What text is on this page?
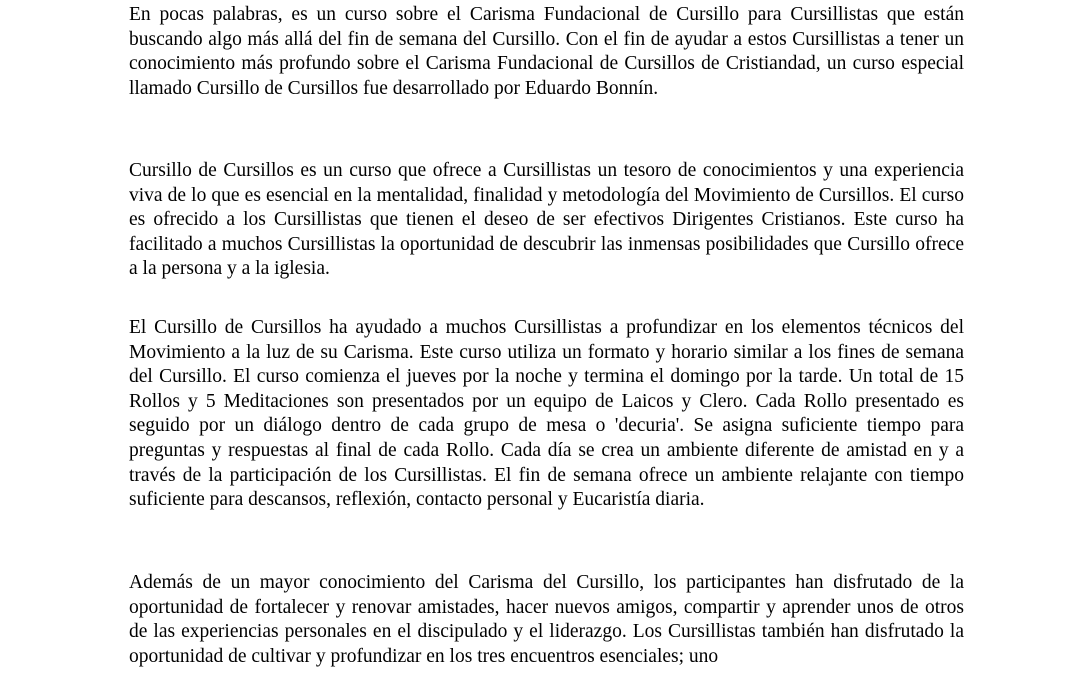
En pocas palabras, es un curso sobre el Carisma Fundacional de Cursillo para Cursillistas que están buscando algo más allá del fin de semana del Cursillo. Con el fin de ayudar a estos Cursillistas a tener un conocimiento más profundo sobre el Carisma Fundacional de Cursillos de Cristiandad, un curso especial llamado Cursillo de Cursillos fue desarrollado por Eduardo Bonnín.

Cursillo de Cursillos es un curso que ofrece a Cursillistas un tesoro de conocimientos y una experiencia viva de lo que es esencial en la mentalidad, finalidad y metodología del Movimiento de Cursillos. El curso es ofrecido a los Cursillistas que tienen el deseo de ser efectivos Dirigentes Cristianos. Este curso ha facilitado a muchos Cursillistas la oportunidad de descubrir las inmensas posibilidades que Cursillo ofrece a la persona y a la iglesia.

El Cursillo de Cursillos ha ayudado a muchos Cursillistas a profundizar en los elementos técnicos del Movimiento a la luz de su Carisma. Este curso utiliza un formato y horario similar a los fines de semana del Cursillo. El curso comienza el jueves por la noche y termina el domingo por la tarde. Un total de 15 Rollos y 5 Meditaciones son presentados por un equipo de Laicos y Clero. Cada Rollo presentado es seguido por un diálogo dentro de cada grupo de mesa o 'decuria'. Se asigna suficiente tiempo para preguntas y respuestas al final de cada Rollo. Cada día se crea un ambiente diferente de amistad en y a través de la participación de los Cursillistas. El fin de semana ofrece un ambiente relajante con tiempo suficiente para descansos, reflexión, contacto personal y Eucaristía diaria.

Además de un mayor conocimiento del Carisma del Cursillo, los participantes han disfrutado de la oportunidad de fortalecer y renovar amistades, hacer nuevos amigos, compartir y aprender unos de otros de las experiencias personales en el discipulado y el liderazgo. Los Cursillistas también han disfrutado la oportunidad de cultivar y profundizar en los tres encuentros esenciales; uno
